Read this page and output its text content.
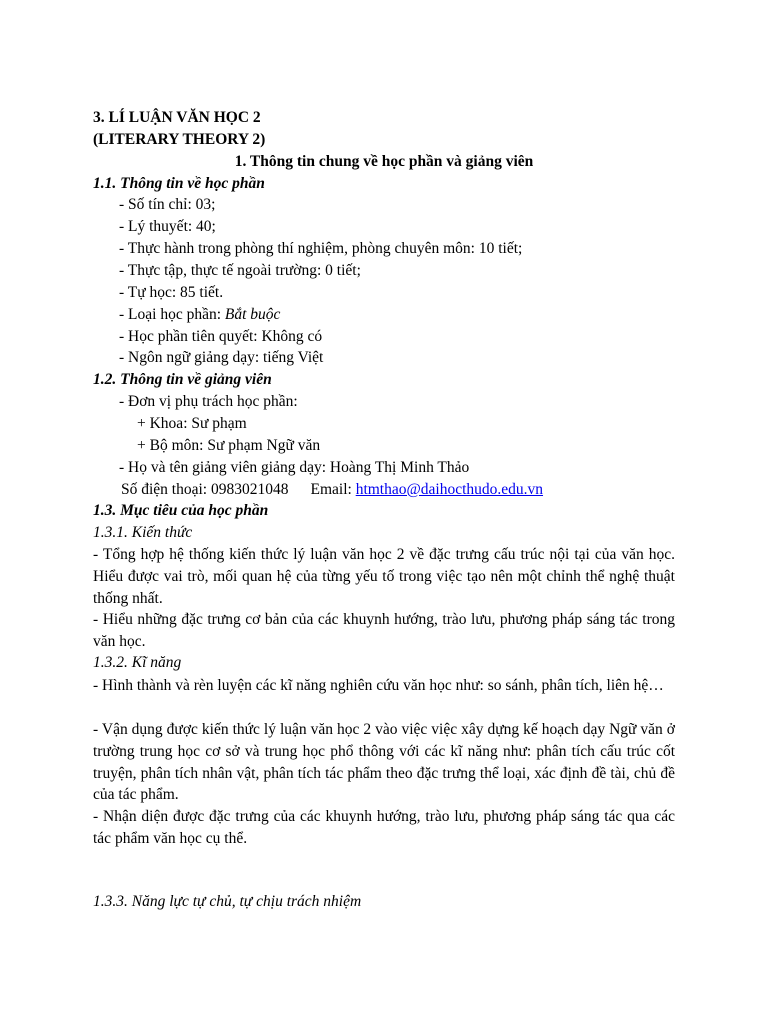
3. LÍ LUẬN VĂN HỌC 2
(LITERARY THEORY 2)
1. Thông tin chung về học phần và giảng viên
1.1. Thông tin về học phần
- Số tín chỉ: 03;
- Lý thuyết: 40;
- Thực hành trong phòng thí nghiệm, phòng chuyên môn: 10 tiết;
- Thực tập, thực tế ngoài trường: 0 tiết;
- Tự học: 85 tiết.
- Loại học phần: Bắt buộc
- Học phần tiên quyết: Không có
- Ngôn ngữ giảng dạy: tiếng Việt
1.2. Thông tin về giảng viên
- Đơn vị phụ trách học phần:
+ Khoa: Sư phạm
+ Bộ môn: Sư phạm Ngữ văn
- Họ và tên giảng viên giảng dạy: Hoàng Thị Minh Thảo
Số điện thoại: 0983021048 Email: htmthao@daihocthudo.edu.vn
1.3. Mục tiêu của học phần
1.3.1. Kiến thức
- Tổng hợp hệ thống kiến thức lý luận văn học 2 về đặc trưng cấu trúc nội tại của văn học. Hiểu được vai trò, mối quan hệ của từng yếu tố trong việc tạo nên một chỉnh thể nghệ thuật thống nhất.
- Hiểu những đặc trưng cơ bản của các khuynh hướng, trào lưu, phương pháp sáng tác trong văn học.
1.3.2. Kĩ năng
- Hình thành và rèn luyện các kĩ năng nghiên cứu văn học như: so sánh, phân tích, liên hệ…
- Vận dụng được kiến thức lý luận văn học 2 vào việc việc xây dựng kế hoạch dạy Ngữ văn ở trường trung học cơ sở và trung học phổ thông với các kĩ năng như: phân tích cấu trúc cốt truyện, phân tích nhân vật, phân tích tác phẩm theo đặc trưng thể loại, xác định đề tài, chủ đề của tác phẩm.
- Nhận diện được đặc trưng của các khuynh hướng, trào lưu, phương pháp sáng tác qua các tác phẩm văn học cụ thể.
1.3.3. Năng lực tự chủ, tự chịu trách nhiệm
